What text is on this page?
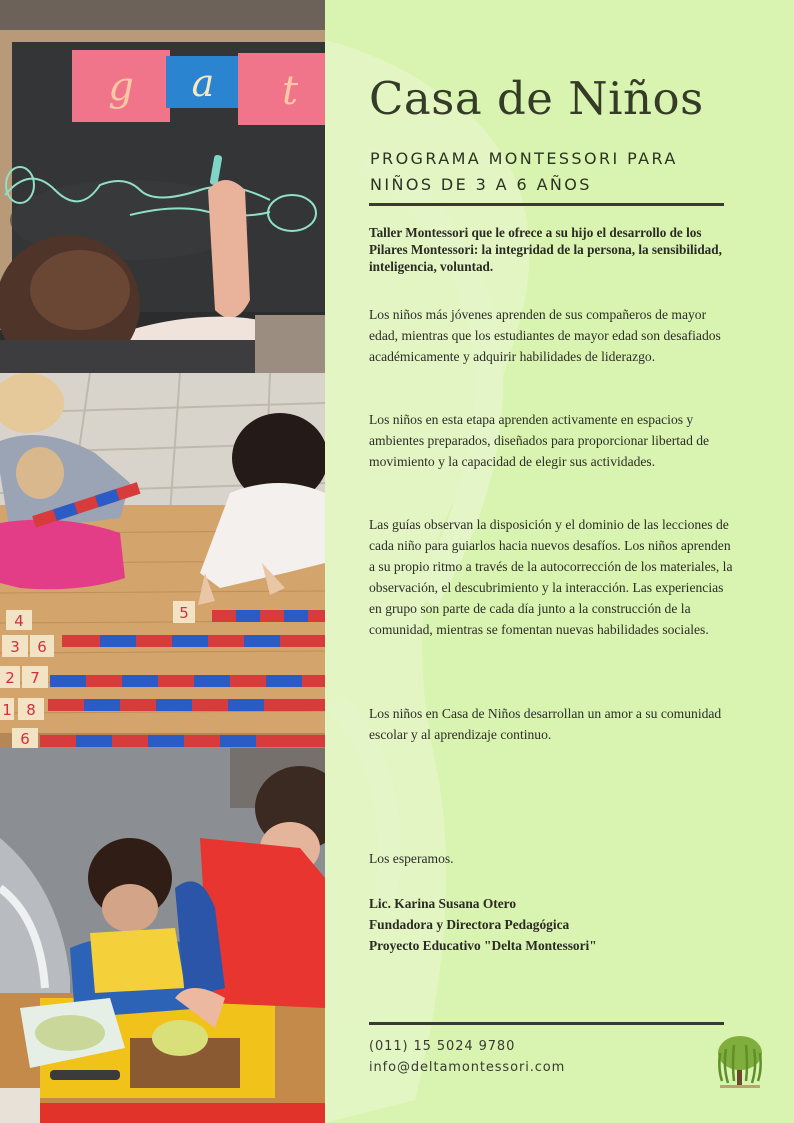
g a t
4	5
3 6
7
2
8
1
6
Casa de Niños
PROGRAMA MONTESSORI PARA
NIÑOS DE 3 A 6 AÑOS

Taller Montessori que le ofrece a su hijo el desarrollo de los Pilares Montessori: la integridad de la persona, la sensibilidad, inteligencia, voluntad.

Los niños más jóvenes aprenden de sus compañeros de mayor edad, mientras que los estudiantes de mayor edad son desafiados académicamente y adquirir habilidades de liderazgo.

Los niños en esta etapa aprenden activamente en espacios y ambientes preparados, diseñados para proporcionar libertad de movimiento y la capacidad de elegir sus actividades.

Las guías observan la disposición y el dominio de las lecciones de cada niño para guiarlos hacia nuevos desafíos. Los niños aprenden a su propio ritmo a través de la autocorrección de los materiales, la observación, el descubrimiento y la interacción. Las experiencias en grupo son parte de cada día junto a la construcción de la comunidad, mientras se fomentan nuevas habilidades sociales.

Los niños en Casa de Niños desarrollan un amor a su comunidad escolar y al aprendizaje continuo.

Los esperamos.

Lic. Karina Susana Otero
Fundadora y Directora Pedagógica
Proyecto Educativo "Delta Montessori"
(011) 15 5024 9780
info@deltamontessori.com
